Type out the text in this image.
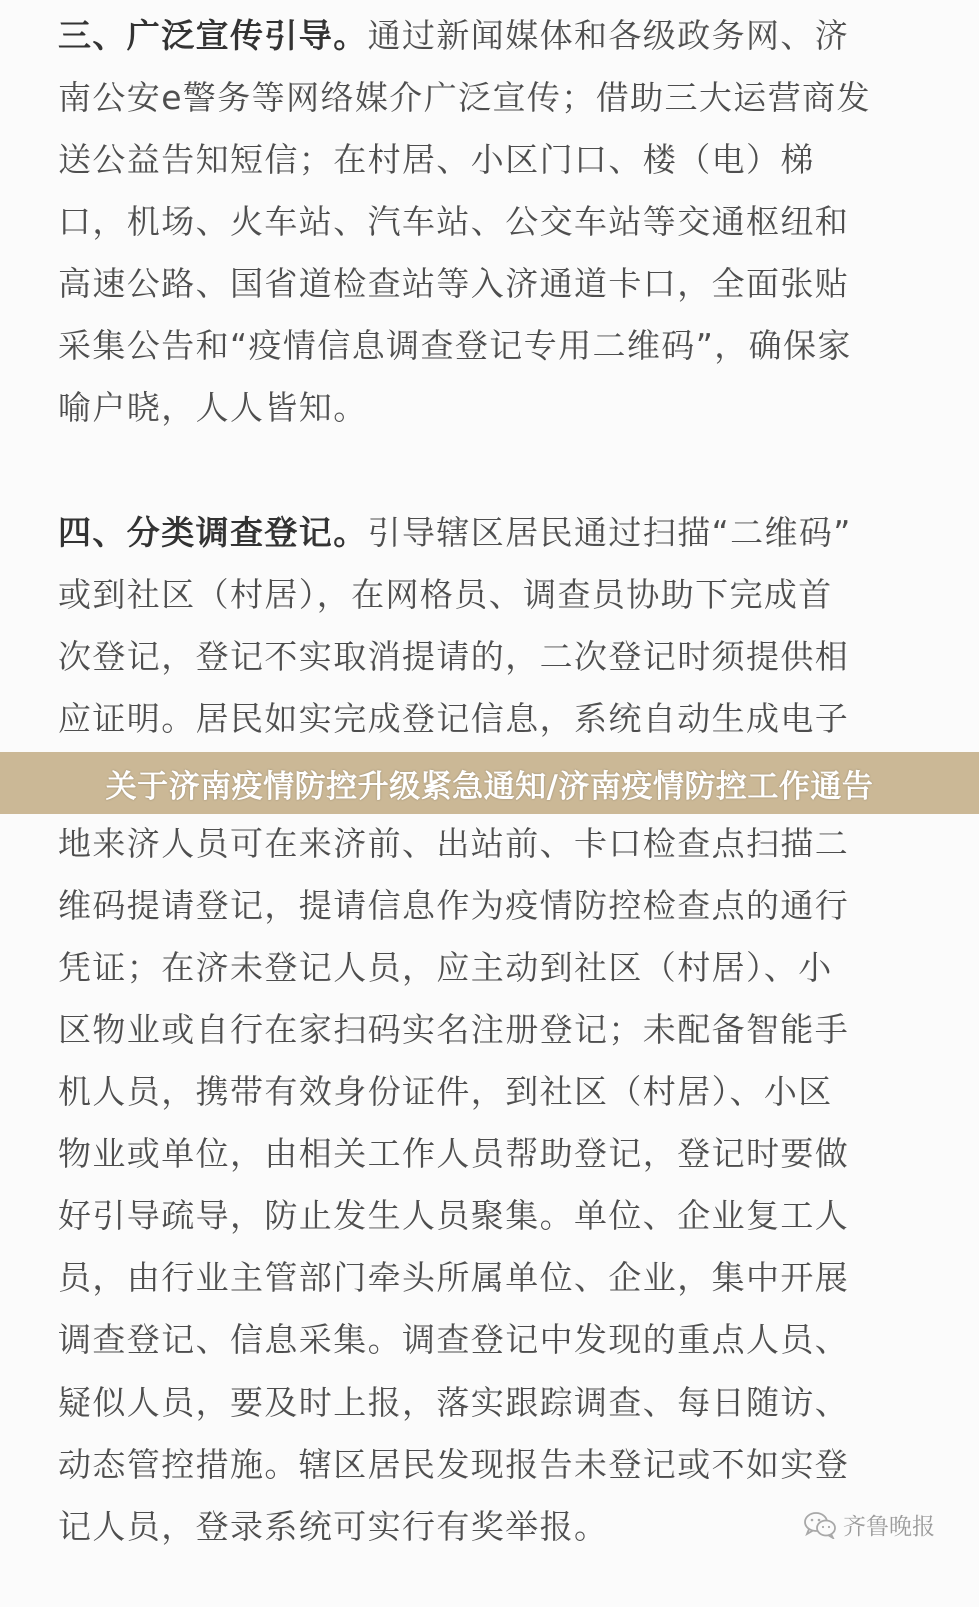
三、广泛宣传引导。通过新闻媒体和各级政务网、济
南公安e警务等网络媒介广泛宣传；借助三大运营商发
送公益告知短信；在村居、小区门口、楼（电）梯
口，机场、火车站、汽车站、公交车站等交通枢纽和
高速公路、国省道检查站等入济通道卡口，全面张贴
采集公告和“疫情信息调查登记专用二维码”，确保家
喻户晓，人人皆知。
四、分类调查登记。引导辖区居民通过扫描“二维码”
或到社区（村居），在网格员、调查员协助下完成首
次登记，登记不实取消提请的，二次登记时须提供相
应证明。居民如实完成登记信息，系统自动生成电子
地来济人员可在来济前、出站前、卡口检查点扫描二
维码提请登记，提请信息作为疫情防控检查点的通行
凭证；在济未登记人员，应主动到社区（村居）、小
区物业或自行在家扫码实名注册登记；未配备智能手
机人员，携带有效身份证件，到社区（村居）、小区
物业或单位，由相关工作人员帮助登记，登记时要做
好引导疏导，防止发生人员聚集。单位、企业复工人
员，由行业主管部门牵头所属单位、企业，集中开展
调查登记、信息采集。调查登记中发现的重点人员、
疑似人员，要及时上报，落实跟踪调查、每日随访、
动态管控措施。辖区居民发现报告未登记或不如实登
记人员，登录系统可实行有奖举报。
关于济南疫情防控升级紧急通知/济南疫情防控工作通告
齐鲁晚报
